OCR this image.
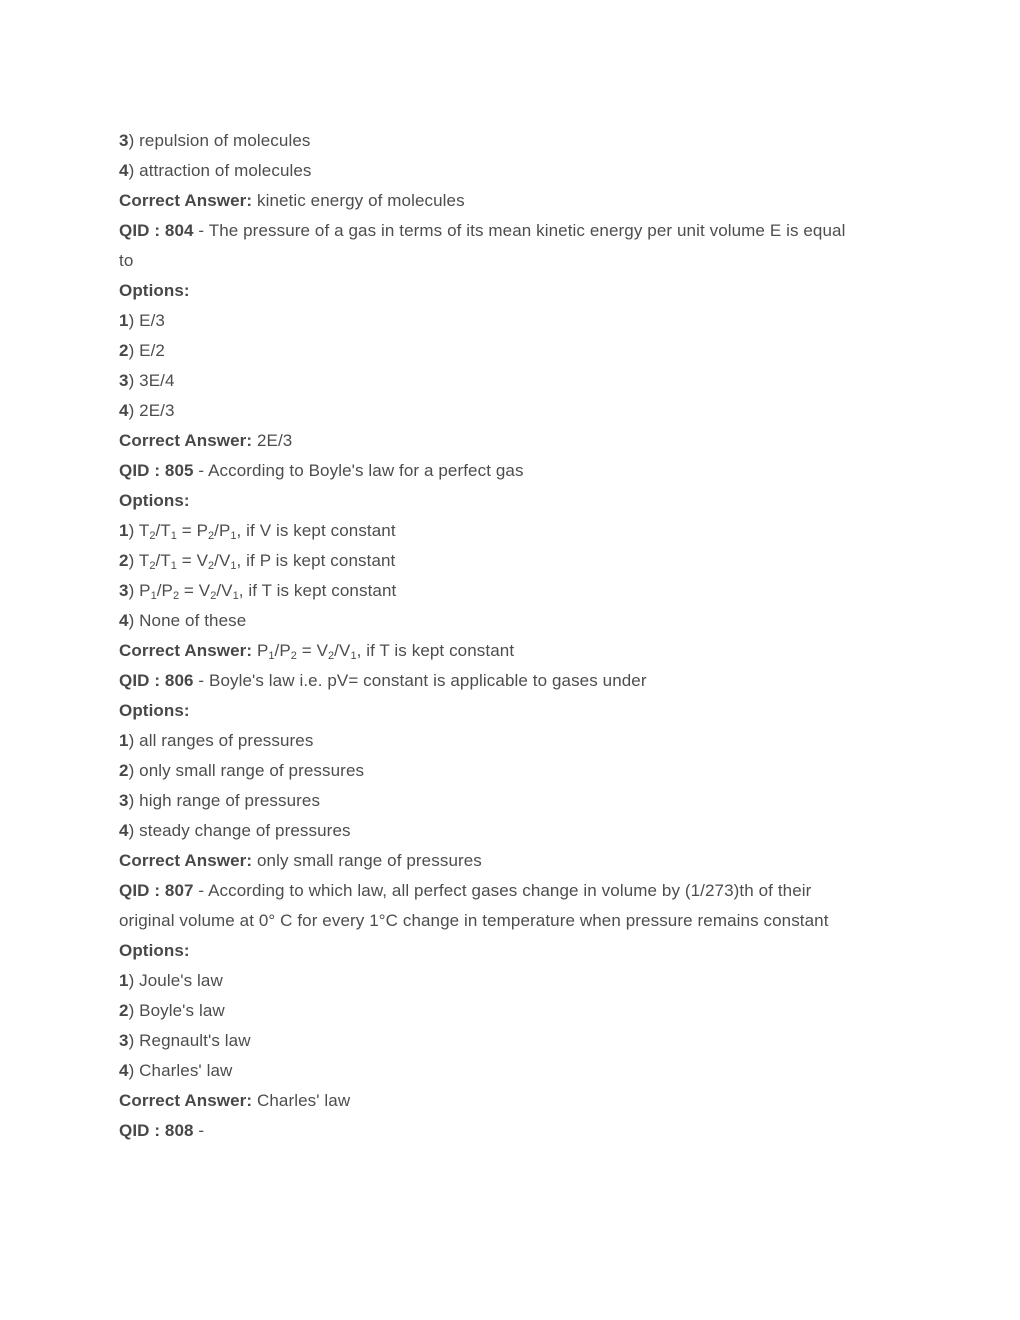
3) repulsion of molecules
4) attraction of molecules
Correct Answer: kinetic energy of molecules
QID : 804 - The pressure of a gas in terms of its mean kinetic energy per unit volume E is equal
to
Options:
1) E/3
2) E/2
3) 3E/4
4) 2E/3
Correct Answer: 2E/3
QID : 805 - According to Boyle's law for a perfect gas
Options:
1) T2/T1 = P2/P1, if V is kept constant
2) T2/T1 = V2/V1, if P is kept constant
3) P1/P2 = V2/V1, if T is kept constant
4) None of these
Correct Answer: P1/P2 = V2/V1, if T is kept constant
QID : 806 - Boyle's law i.e. pV= constant is applicable to gases under
Options:
1) all ranges of pressures
2) only small range of pressures
3) high range of pressures
4) steady change of pressures
Correct Answer: only small range of pressures
QID : 807 - According to which law, all perfect gases change in volume by (1/273)th of their
original volume at 0° C for every 1°C change in temperature when pressure remains constant
Options:
1) Joule's law
2) Boyle's law
3) Regnault's law
4) Charles' law
Correct Answer: Charles' law
QID : 808 -
